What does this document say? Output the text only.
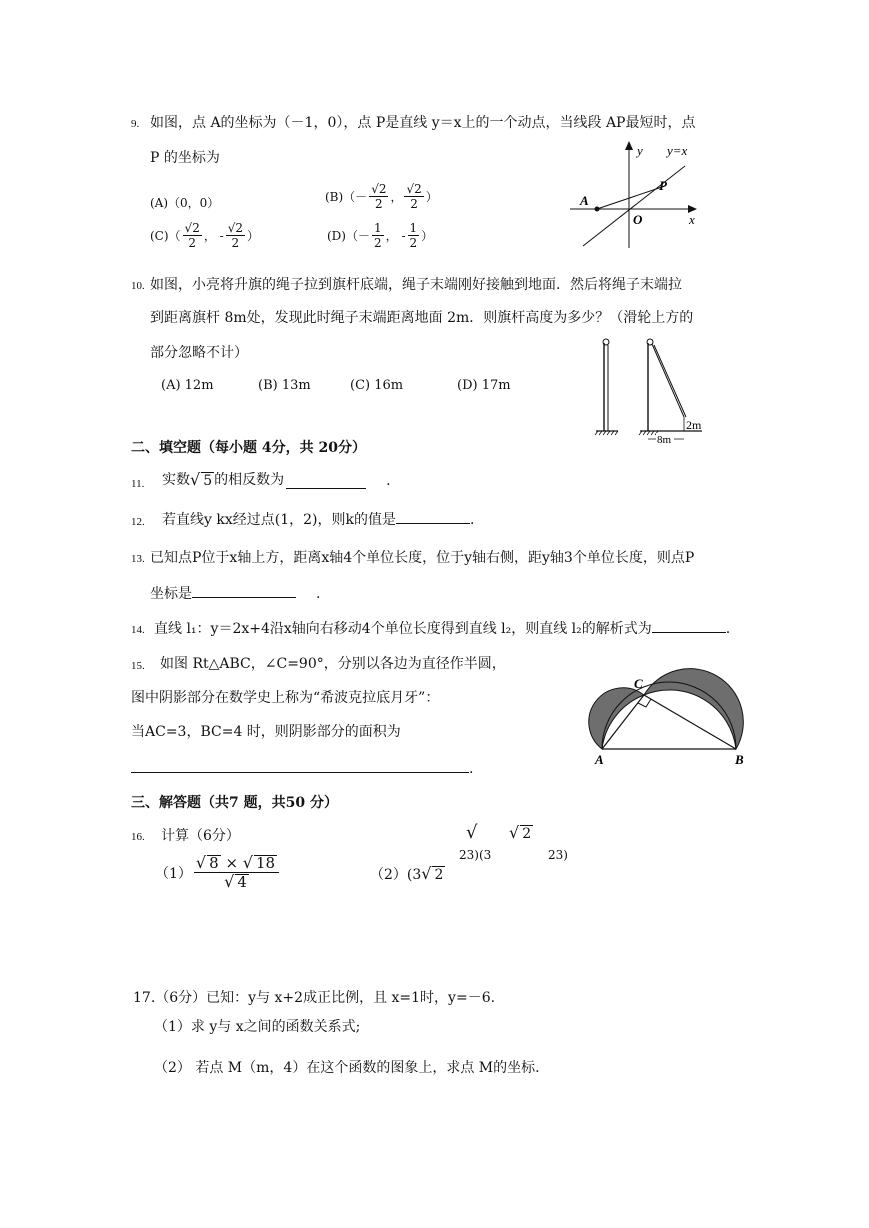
9. 如图，点 A的坐标为（－1，0），点 P是直线 y＝x上的一个动点，当线段 AP最短时，点
P 的坐标为
(A)（0，0）	$(B)(- \frac{√2}{2}$ ， $\frac{√2}{2}$ ）
$(C)( \frac{√2}{2}$ ， - $\frac{√2}{2}$ ）	$(D)(- \frac{1}{2}$ ， - $\frac{1}{2}$ ）
y y=x
x
A
P
O
10. 如图，小亮将升旗的绳子拉到旗杆底端，绳子末端刚好接触到地面．然后将绳子末端拉
到距离旗杆 8m处，发现此时绳子末端距离地面 2m．则旗杆高度为多少？（滑轮上方的
部分忽略不计）
(A) 12m	(B) 13m	(C) 16m	(D) 17m
2m
8m
二、填空题（每小题 4分，共 20分）
11. 实数 √ 5 的相反数为	.
12. 若直线y kx经过点(1，2)，则k的值是	.
13. 已知点P位于x轴上方，距离x轴4个单位长度，位于y轴右侧，距y轴3个单位长度，则点P
坐标是	.
14. 直线 l₁：y＝2x+4沿x轴向右移动4个单位长度得到直线 l₂，则直线 l₂的解析式为	.
15. 如图 Rt△ABC，∠C=90°，分别以各边为直径作半圆，
图中阴影部分在数学史上称为“希波克拉底月牙”：
当AC=3，BC=4 时，则阴影部分的面积为
.
A	B
C
三、解答题（共7 题，共50 分）
16. 计算（6分）
$(1) \frac{√ 8 \times √ 18}{√ 4}$	（2）(3√ 2
√ √ 2
23)(3	23)
17.（6分）已知：y与 x+2成正比例，且 x=1时，y=－6.
（1）求 y与 x之间的函数关系式;
（2） 若点 M（m，4）在这个函数的图象上，求点 M的坐标.
